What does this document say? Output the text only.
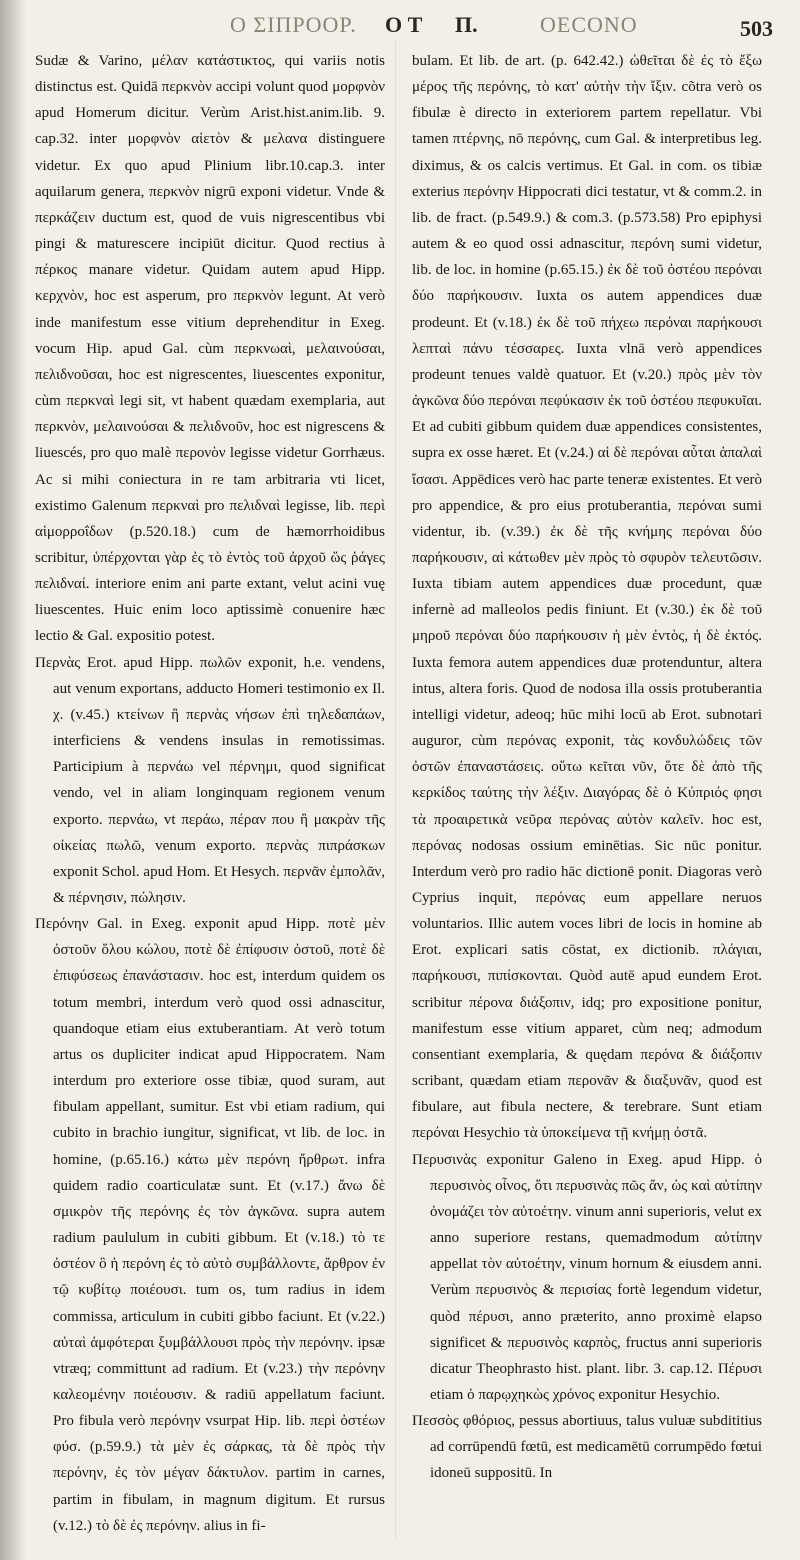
O ΣΙΠΡΟΟΡ. O Τ Π.	OECONO	503

Sudæ & Varino, μέλαν κατάστικτος, qui variis notis distinctus est. Quidā περκνὸν accipi volunt quod μορφνὸν apud Homerum dicitur. Verùm Arist.hist.anim.lib. 9. cap.32. inter μορφνὸν αἰετὸν & μελανα distinguere videtur. Ex quo apud Plinium libr.10.cap.3. inter aquilarum genera, περκνὸν nigrū exponi videtur. Vnde & περκάζειν ductum est, quod de vuis nigrescentibus vbi pingi & maturescere incipiūt dicitur. Quod rectius à πέρκος manare videtur. Quidam autem apud Hipp. κερχνὸν, hoc est asperum, pro περκνὸν legunt. At verò inde manifestum esse vitium deprehenditur in Exeg. vocum Hip. apud Gal. cùm περκνωαὶ, μελαινούσαι, πελιδνοῦσαι, hoc est nigrescentes, liuescentes exponitur, cùm περκναὶ legi sit, vt habent quædam exemplaria, aut περκνὸν, μελαινούσαι & πελιδνοῦν, hoc est nigrescens & liuescés, pro quo malè περονὸν legisse videtur Gorrhæus. Ac si mihi coniectura in re tam arbitraria vti licet, existimo Galenum περκναὶ pro πελιδναὶ legisse, lib. περὶ αἱμορροΐδων (p.520.18.) cum de hæmorrhoidibus scribitur, ὑπέρχονται γὰρ ἐς τὸ ἐντὸς τοῦ ἀρχοῦ ὥς ῥάγες πελιδναί. interiore enim ani parte extant, velut acini vuę liuescentes. Huic enim loco aptissimè conuenire hæc lectio & Gal. expositio potest.

Περνὰς Erot. apud Hipp. πωλῶν exponit, h.e. vendens, aut venum exportans, adducto Homeri testimonio ex Il. χ. (v.45.) κτείνων ἢ περνὰς νήσων ἐπὶ τηλεδαπάων, interficiens & vendens insulas in remotissimas. Participium à περνάω vel πέρνημι, quod significat vendo, vel in aliam longinquam regionem venum exporto. περνάω, vt περάω, πέραν που ἢ μακρὰν τῆς οἰκείας πωλῶ, venum exporto. περνὰς πιπράσκων exponit Schol. apud Hom. Et Hesych. περνᾶν ἐμπολᾶν, & πέρνησιν, πώλησιν.

Περόνην Gal. in Exeg. exponit apud Hipp. ποτὲ μὲν ὀστοῦν ὅλου κώλου, ποτὲ δὲ ἐπίφυσιν ὀστοῦ, ποτὲ δὲ ἐπιφύσεως ἐπανάστασιν. hoc est, interdum quidem os totum membri, interdum verò quod ossi adnascitur, quandoque etiam eius extuberantiam. At verò totum artus os dupliciter indicat apud Hippocratem. Nam interdum pro exteriore osse tibiæ, quod suram, aut fibulam appellant, sumitur. Est vbi etiam radium, qui cubito in brachio iungitur, significat, vt lib. de loc. in homine, (p.65.16.) κάτω μὲν περόνη ἤρθρωτ. infra quidem radio coarticulatæ sunt. Et (v.17.) ἄνω δὲ σμικρὸν τῆς περόνης ἐς τὸν ἀγκῶνα. supra autem radium paululum in cubiti gibbum. Et (v.18.) τὸ τε ὀστέον ὃ ἡ περόνη ἐς τὸ αὐτὸ συμβάλλοντε, ἄρθρον ἐν τῷ κυβίτῳ ποιέουσι. tum os, tum radius in idem commissa, articulum in cubiti gibbo faciunt. Et (v.22.) αὐταὶ ἀμφότεραι ξυμβάλλουσι πρὸς τὴν περόνην. ipsæ vtræq; committunt ad radium. Et (v.23.) τὴν περόνην καλεομένην ποιέουσιν. & radiū appellatum faciunt. Pro fibula verò περόνην vsurpat Hip. lib. περὶ ὀστέων φύσ. (p.59.9.) τὰ μὲν ἐς σάρκας, τὰ δὲ πρὸς τὴν περόνην, ἐς τὸν μέγαν δάκτυλον. partim in carnes, partim in fibulam, in magnum digitum. Et rursus (v.12.) τὸ δὲ ἐς περόνην. alius in fi-

bulam. Et lib. de art. (p. 642.42.) ὠθεῖται δὲ ἐς τὸ ἔξω μέρος τῆς περόνης, τὸ κατ' αὐτὴν τὴν ἴξιν. cõtra verò os fibulæ è directo in exteriorem partem repellatur. Vbi tamen πτέρνης, nō περόνης, cum Gal. & interpretibus leg. diximus, & os calcis vertimus. Et Gal. in com. os tibiæ exterius περόνην Hippocrati dici testatur, vt & comm.2. in lib. de fract. (p.549.9.) & com.3. (p.573.58) Pro epiphysi autem & eo quod ossi adnascitur, περόνη sumi videtur, lib. de loc. in homine (p.65.15.) ἐκ δὲ τοῦ ὀστέου περόναι δύο παρήκουσιν. Iuxta os autem appendices duæ prodeunt. Et (v.18.) ἐκ δὲ τοῦ πήχεω περόναι παρήκουσι λεπταὶ πάνυ τέσσαρες. Iuxta vlnā verò appendices prodeunt tenues valdè quatuor. Et (v.20.) πρὸς μὲν τὸν ἀγκῶνα δύο περόναι πεφύκασιν ἐκ τοῦ ὀστέου πεφυκυῖαι. Et ad cubiti gibbum quidem duæ appendices consistentes, supra ex osse hæret. Et (v.24.) αἱ δὲ περόναι αὗται ἁπαλαὶ ἴσασι. Appēdices verò hac parte teneræ existentes. Et verò pro appendice, & pro eius protuberantia, περόναι sumi videntur, ib. (v.39.) ἐκ δὲ τῆς κνήμης περόναι δύο παρήκουσιν, αἱ κάτωθεν μὲν πρὸς τὸ σφυρὸν τελευτῶσιν. Iuxta tibiam autem appendices duæ procedunt, quæ infernè ad malleolos pedis finiunt. Et (v.30.) ἐκ δὲ τοῦ μηροῦ περόναι δύο παρήκουσιν ἡ μὲν ἐντὸς, ἡ δὲ ἐκτός. Iuxta femora autem appendices duæ protenduntur, altera intus, altera foris. Quod de nodosa illa ossis protuberantia intelligi videtur, adeoq; hūc mihi locū ab Erot. subnotari auguror, cùm περόνας exponit, τὰς κονδυλώδεις τῶν ὀστῶν ἐπαναστάσεις. οὕτω κεῖται νῦν, ὅτε δὲ ἀπὸ τῆς κερκίδος ταύτης τὴν λέξιν. Διαγόρας δὲ ὁ Κύπριός φησι τὰ προαιρετικὰ νεῦρα περόνας αὐτὸν καλεῖν. hoc est, περόνας nodosas ossium eminētias. Sic nūc ponitur. Interdum verò pro radio hāc dictionē ponit. Diagoras verò Cyprius inquit, περόνας eum appellare neruos voluntarios. Illic autem voces libri de locis in homine ab Erot. explicari satis cōstat, ex dictionib. πλάγιαι, παρήκουσι, πιπίσκονται. Quòd autē apud eundem Erot. scribitur πέρονα διάξοπιν, idq; pro expositione ponitur, manifestum esse vitium apparet, cùm neq; admodum consentiant exemplaria, & quędam περόνα & διάξοπιν scribant, quædam etiam περονᾶν & διαξυνᾶν, quod est fibulare, aut fibula nectere, & terebrare. Sunt etiam περόναι Hesychio τὰ ὑποκείμενα τῇ κνήμῃ ὀστᾶ.

Περυσινὰς exponitur Galeno in Exeg. apud Hipp. ὁ περυσινὸς οἶνος, ὅτι περυσινὰς πῶς ἄν, ὡς καὶ αὐτίπην ὀνομάζει τὸν αὐτοέτην. vinum anni superioris, velut ex anno superiore restans, quemadmodum αὐτίπην appellat τὸν αὐτοέτην, vinum hornum & eiusdem anni. Verùm περυσινὸς & περισίας fortè legendum videtur, quòd πέρυσι, anno præterito, anno proximè elapso significet & περυσινὸς καρπὸς, fructus anni superioris dicatur Theophrasto hist. plant. libr. 3. cap.12. Πέρυσι etiam ὁ παρῳχηκὼς χρόνος exponitur Hesychio.

Πεσσὸς φθόριος, pessus abortiuus, talus vuluæ subdititius ad corrūpendū fœtū, est medicamētū corrumpēdo fœtui idoneū suppositū. In
